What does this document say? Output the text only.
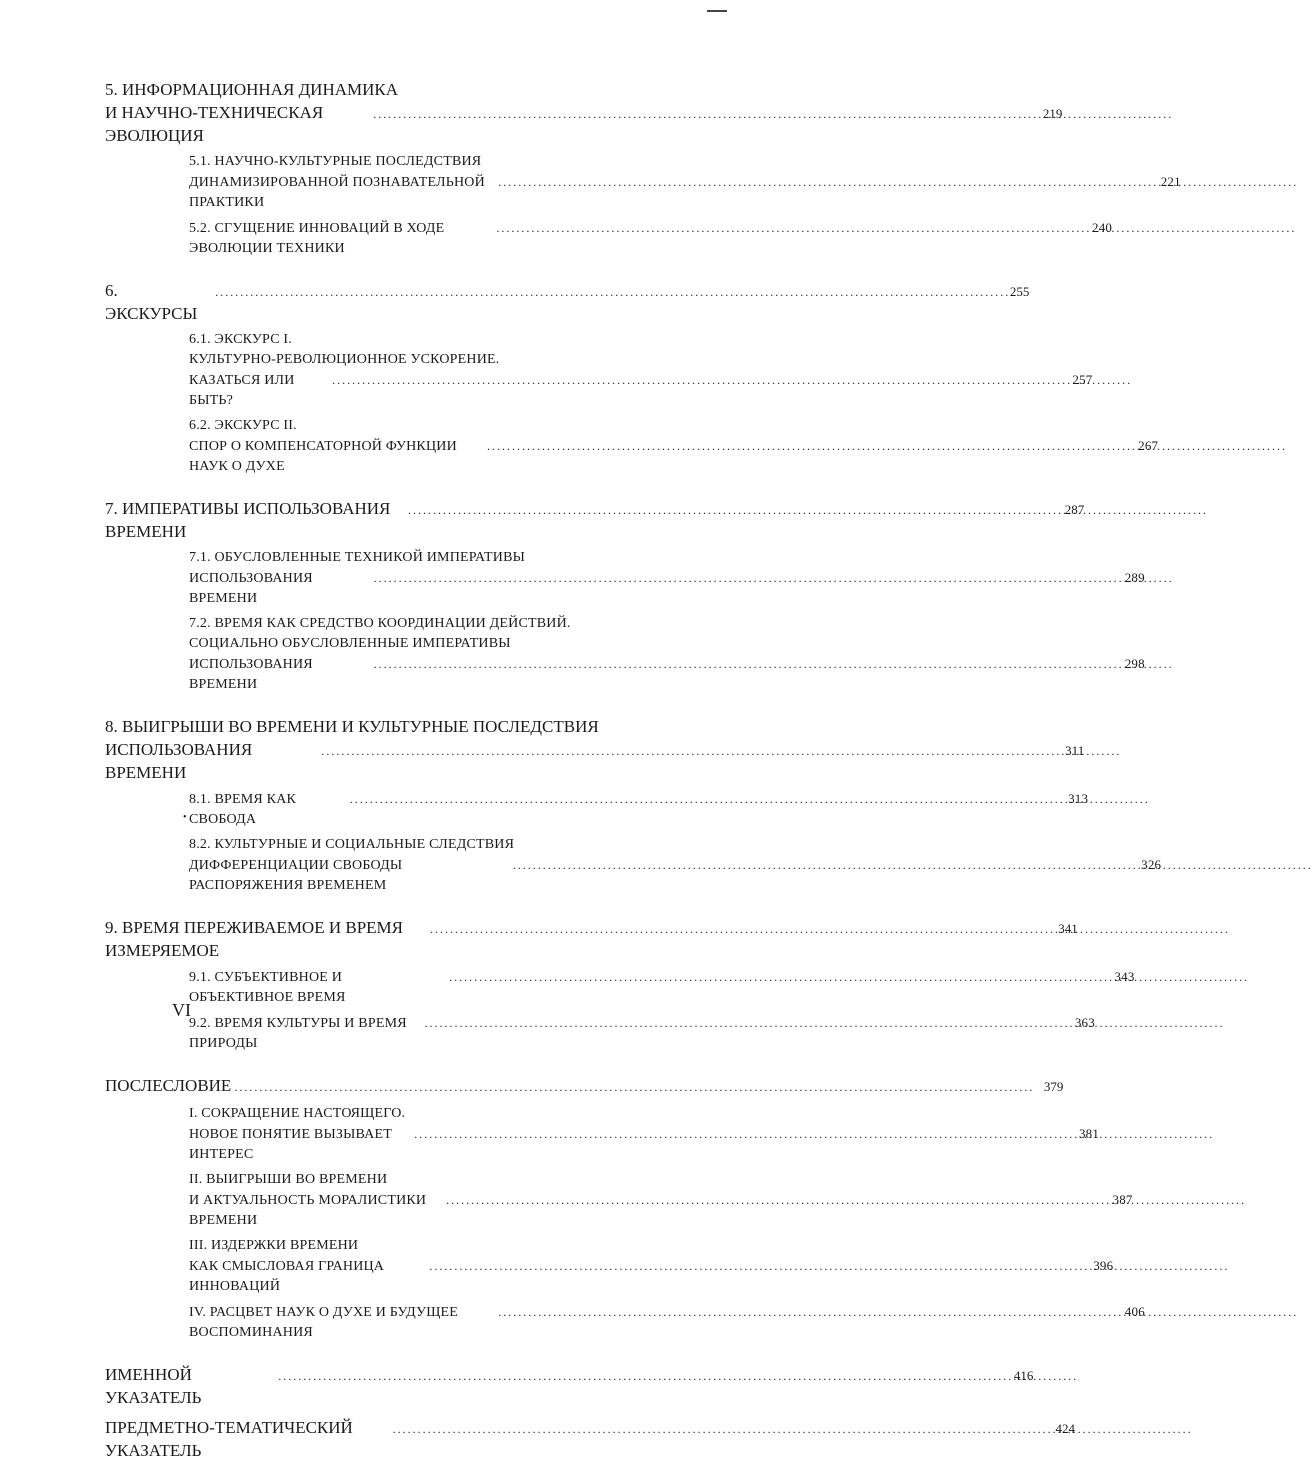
5. ИНФОРМАЦИОННАЯ ДИНАМИКА
И НАУЧНО-ТЕХНИЧЕСКАЯ ЭВОЛЮЦИЯ
.....
219
5.1. НАУЧНО-КУЛЬТУРНЫЕ ПОСЛЕДСТВИЯ
ДИНАМИЗИРОВАННОЙ ПОЗНАВАТЕЛЬНОЙ ПРАКТИКИ
.....
221
5.2. СГУЩЕНИЕ ИННОВАЦИЙ В ХОДЕ ЭВОЛЮЦИИ ТЕХНИКИ
.....
240
6. ЭКСКУРСЫ
.....
255
6.1. ЭКСКУРС I.
КУЛЬТУРНО-РЕВОЛЮЦИОННОЕ УСКОРЕНИЕ.
КАЗАТЬСЯ ИЛИ БЫТЬ?
.....
257
6.2. ЭКСКУРС II.
СПОР О КОМПЕНСАТОРНОЙ ФУНКЦИИ НАУК О ДУХЕ
.....
267
7. ИМПЕРАТИВЫ ИСПОЛЬЗОВАНИЯ ВРЕМЕНИ
.....
287
7.1. ОБУСЛОВЛЕННЫЕ ТЕХНИКОЙ ИМПЕРАТИВЫ
ИСПОЛЬЗОВАНИЯ ВРЕМЕНИ
.....
289
7.2. ВРЕМЯ КАК СРЕДСТВО КООРДИНАЦИИ ДЕЙСТВИЙ.
СОЦИАЛЬНО ОБУСЛОВЛЕННЫЕ ИМПЕРАТИВЫ
ИСПОЛЬЗОВАНИЯ ВРЕМЕНИ
.....
298
8. ВЫИГРЫШИ ВО ВРЕМЕНИ И КУЛЬТУРНЫЕ ПОСЛЕДСТВИЯ
ИСПОЛЬЗОВАНИЯ ВРЕМЕНИ
.....
311
8.1. ВРЕМЯ КАК СВОБОДА
.....
313
8.2. КУЛЬТУРНЫЕ И СОЦИАЛЬНЫЕ СЛЕДСТВИЯ
ДИФФЕРЕНЦИАЦИИ СВОБОДЫ РАСПОРЯЖЕНИЯ ВРЕМЕНЕМ
.....
326
9. ВРЕМЯ ПЕРЕЖИВАЕМОЕ И ВРЕМЯ ИЗМЕРЯЕМОЕ
.....
341
9.1. СУБЪЕКТИВНОЕ И ОБЪЕКТИВНОЕ ВРЕМЯ
.....
343
9.2. ВРЕМЯ КУЛЬТУРЫ И ВРЕМЯ ПРИРОДЫ
.....
363
ПОСЛЕСЛОВИЕ
.....	379
I. СОКРАЩЕНИЕ НАСТОЯЩЕГО.
НОВОЕ ПОНЯТИЕ ВЫЗЫВАЕТ ИНТЕРЕС
.....
381
II. ВЫИГРЫШИ ВО ВРЕМЕНИ
И АКТУАЛЬНОСТЬ МОРАЛИСТИКИ ВРЕМЕНИ
.....
387
III. ИЗДЕРЖКИ ВРЕМЕНИ
КАК СМЫСЛОВАЯ ГРАНИЦА ИННОВАЦИЙ
.....
396
IV. РАСЦВЕТ НАУК О ДУХЕ И БУДУЩЕЕ ВОСПОМИНАНИЯ
.....
406
ИМЕННОЙ УКАЗАТЕЛЬ
.....
416
ПРЕДМЕТНО-ТЕМАТИЧЕСКИЙ УКАЗАТЕЛЬ
.....
424
•
VI
